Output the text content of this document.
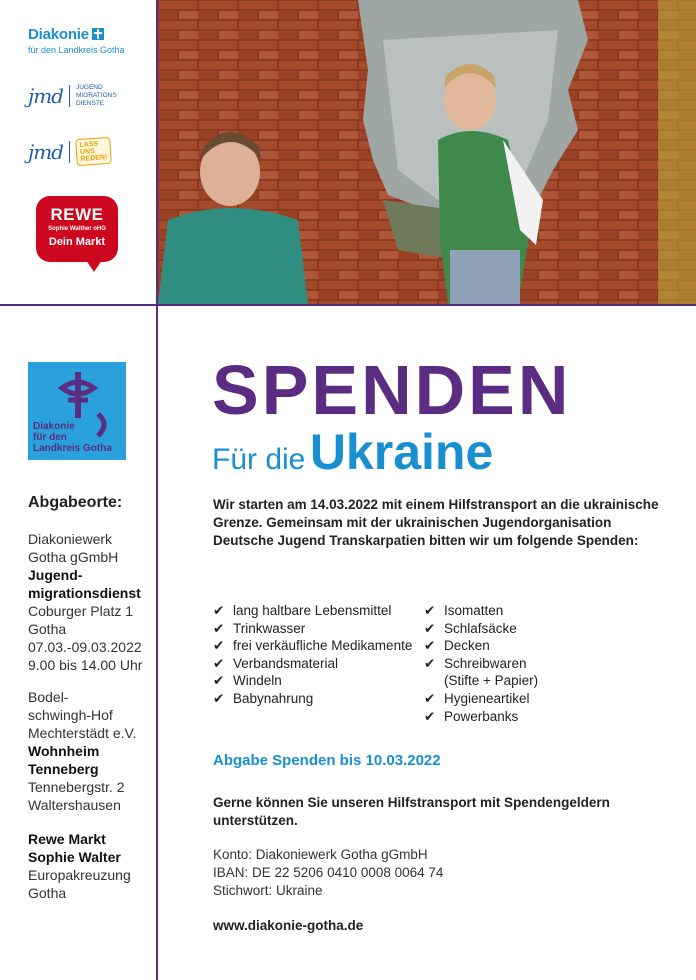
Diakonie
für den Landkreis Gotha
jmd JUGEND
MIGRATIONS
DIENSTE
jmd LASS
UNS
REDEN!
REWE
Sophie Walther oHG
Dein Markt
Diakonie
für den
Landkreis Gotha
Abgabeorte:
Diakoniewerk
Gotha gGmbH
Jugend-
migrationsdienst
Coburger Platz 1
Gotha
07.03.-09.03.2022
9.00 bis 14.00 Uhr
Bodel-
schwingh-Hof
Mechterstädt e.V.
Wohnheim
Tenneberg
Tennebergstr. 2
Waltershausen
Rewe Markt
Sophie Walter
Europakreuzung
Gotha
SPENDEN
Für die Ukraine
Wir starten am 14.03.2022 mit einem Hilfstransport an die ukrainische Grenze. Gemeinsam mit der ukrainischen Jugendorganisation Deutsche Jugend Transkarpatien bitten wir um folgende Spenden:
✔ lang haltbare Lebensmittel
✔ Trinkwasser
✔ frei verkäufliche Medikamente
✔ Verbandsmaterial
✔ Windeln
✔ Babynahrung
✔ Isomatten
✔ Schlafsäcke
✔ Decken
✔ Schreibwaren (Stifte + Papier)
✔ Hygieneartikel
✔ Powerbanks
Abgabe Spenden bis 10.03.2022
Gerne können Sie unseren Hilfstransport mit Spendengeldern unterstützen.
Konto: Diakoniewerk Gotha gGmbH
IBAN: DE 22 5206 0410 0008 0064 74
Stichwort: Ukraine
www.diakonie-gotha.de
